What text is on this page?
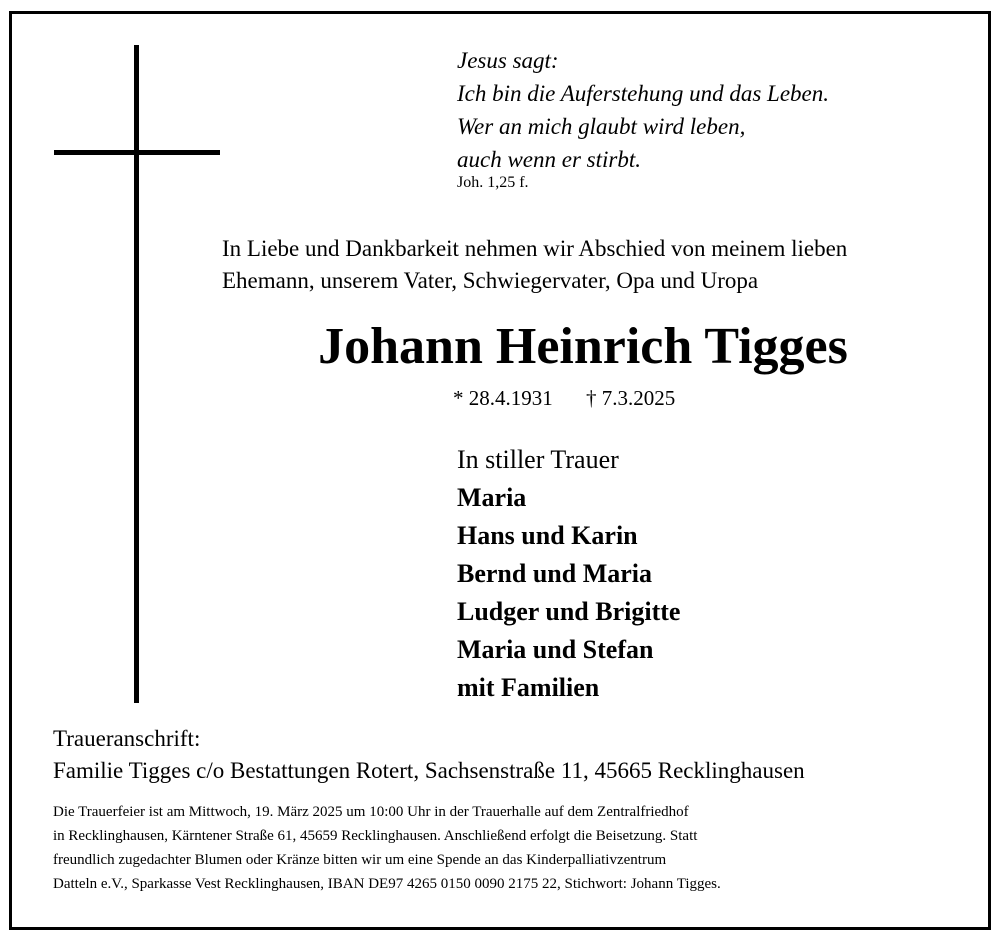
Jesus sagt:
Ich bin die Auferstehung und das Leben.
Wer an mich glaubt wird leben,
auch wenn er stirbt.
Joh. 1,25 f.
In Liebe und Dankbarkeit nehmen wir Abschied von meinem lieben
Ehemann, unserem Vater, Schwiegervater, Opa und Uropa
Johann Heinrich Tigges
* 28.4.1931 † 7.3.2025
In stiller Trauer
Maria
Hans und Karin
Bernd und Maria
Ludger und Brigitte
Maria und Stefan
mit Familien
Traueranschrift:
Familie Tigges c/o Bestattungen Rotert, Sachsenstraße 11, 45665 Recklinghausen
Die Trauerfeier ist am Mittwoch, 19. März 2025 um 10:00 Uhr in der Trauerhalle auf dem Zentralfriedhof
in Recklinghausen, Kärntener Straße 61, 45659 Recklinghausen. Anschließend erfolgt die Beisetzung. Statt
freundlich zugedachter Blumen oder Kränze bitten wir um eine Spende an das Kinderpalliativzentrum
Datteln e.V., Sparkasse Vest Recklinghausen, IBAN DE97 4265 0150 0090 2175 22, Stichwort: Johann Tigges.
